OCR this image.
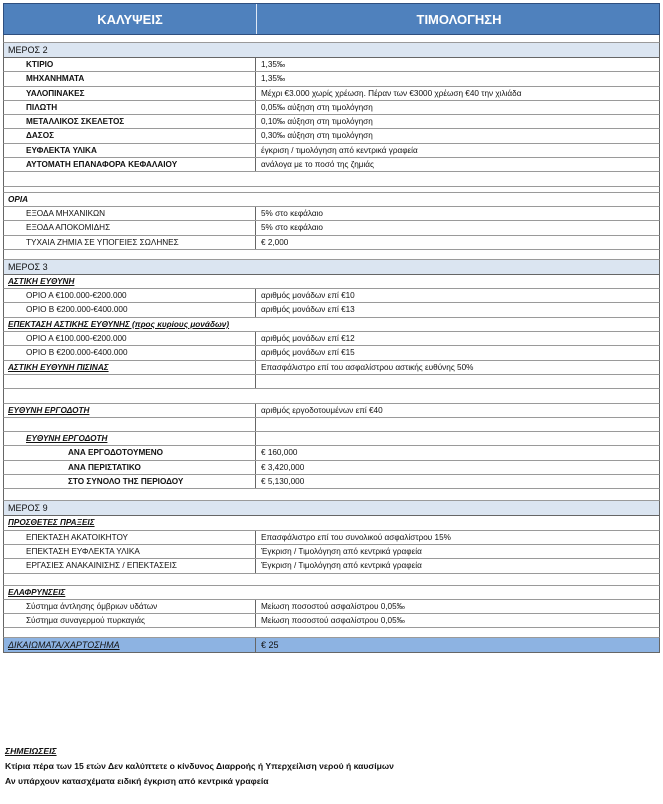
ΚΑΛΥΨΕΙΣ	ΤΙΜΟΛΟΓΗΣΗ
ΜΕΡΟΣ 2
ΚΤΙΡΙΟ	1,35‰
ΜΗΧΑΝΗΜΑΤΑ	1,35‰
ΥΑΛΟΠΙΝΑΚΕΣ	Μέχρι €3.000 χωρίς χρέωση. Πέραν των €3000 χρέωση €40 την χιλιάδα
ΠΙΛΩΤΗ	0,05‰ αύξηση στη τιμολόγηση
ΜΕΤΑΛΛΙΚΟΣ ΣΚΕΛΕΤΟΣ	0,10‰ αύξηση στη τιμολόγηση
ΔΑΣΟΣ	0,30‰ αύξηση στη τιμολόγηση
ΕΥΦΛΕΚΤΑ ΥΛΙΚΑ	έγκριση / τιμολόγηση από κεντρικά γραφεία
ΑΥΤΟΜΑΤΗ ΕΠΑΝΑΦΟΡΑ ΚΕΦΑΛΑΙΟΥ	ανάλογα με το ποσό της ζημιάς
ΟΡΙΑ
ΕΞΟΔΑ ΜΗΧΑΝΙΚΩΝ	5% στο κεφάλαιο
ΕΞΟΔΑ ΑΠΟΚΟΜΙΔΗΣ	5% στο κεφάλαιο
ΤΥΧΑΙΑ ΖΗΜΙΑ ΣΕ ΥΠΟΓΕΙΕΣ ΣΩΛΗΝΕΣ	€ 2,000
ΜΕΡΟΣ 3
ΑΣΤΙΚΗ ΕΥΘΥΝΗ
ΟΡΙΟ Α €100.000-€200.000	αριθμός μονάδων επί €10
ΟΡΙΟ Β €200.000-€400.000	αριθμός μονάδων επί €13
ΕΠΕΚΤΑΣΗ ΑΣΤΙΚΗΣ ΕΥΘΥΝΗΣ (προς κυρίους μονάδων)
ΟΡΙΟ Α €100.000-€200.000	αριθμός μονάδων επί €12
ΟΡΙΟ Β €200.000-€400.000	αριθμός μονάδων επί €15
ΑΣΤΙΚΗ ΕΥΘΥΝΗ ΠΙΣΙΝΑΣ	Επασφάλιστρο επί του ασφαλίστρου αστικής ευθύνης 50%
ΕΥΘΥΝΗ ΕΡΓΟΔΟΤΗ	αριθμός εργοδοτουμένων επί €40
ΕΥΘΥΝΗ ΕΡΓΟΔΟΤΗ
ΑΝΑ ΕΡΓΟΔΟΤΟΥΜΕΝΟ	€ 160,000
ΑΝΑ ΠΕΡΙΣΤΑΤΙΚΟ	€ 3,420,000
ΣΤΟ ΣΥΝΟΛΟ ΤΗΣ ΠΕΡΙΟΔΟΥ	€ 5,130,000
ΜΕΡΟΣ 9
ΠΡΟΣΘΕΤΕΣ ΠΡΑΞΕΙΣ
ΕΠΕΚΤΑΣΗ ΑΚΑΤΟΙΚΗΤΟΥ	Επασφάλιστρο επί του συνολικού ασφαλίστρου 15%
ΕΠΕΚΤΑΣΗ ΕΥΦΛΕΚΤΑ ΥΛΙΚΑ	Έγκριση / Τιμολόγηση από κεντρικά γραφεία
ΕΡΓΑΣΙΕΣ ΑΝΑΚΑΙΝΙΣΗΣ / ΕΠΕΚΤΑΣΕΙΣ	Έγκριση / Τιμολόγηση από κεντρικά γραφεία
ΕΛΑΦΡΥΝΣΕΙΣ
Σύστημα άντλησης όμβριων υδάτων	Μείωση ποσοστού ασφαλίστρου 0,05‰
Σύστημα συναγερμού πυρκαγιάς	Μείωση ποσοστού ασφαλίστρου 0,05‰
ΔΙΚΑΙΩΜΑΤΑ/ΧΑΡΤΟΣΗΜΑ	€ 25
ΣΗΜΕΙΩΣΕΙΣ
Κτίρια πέρα των 15 ετών Δεν καλύπτετε ο κίνδυνος Διαρροής ή Υπερχείλιση νερού ή καυσίμων
Αν υπάρχουν κατασχέματα ειδική έγκριση από κεντρικά γραφεία
